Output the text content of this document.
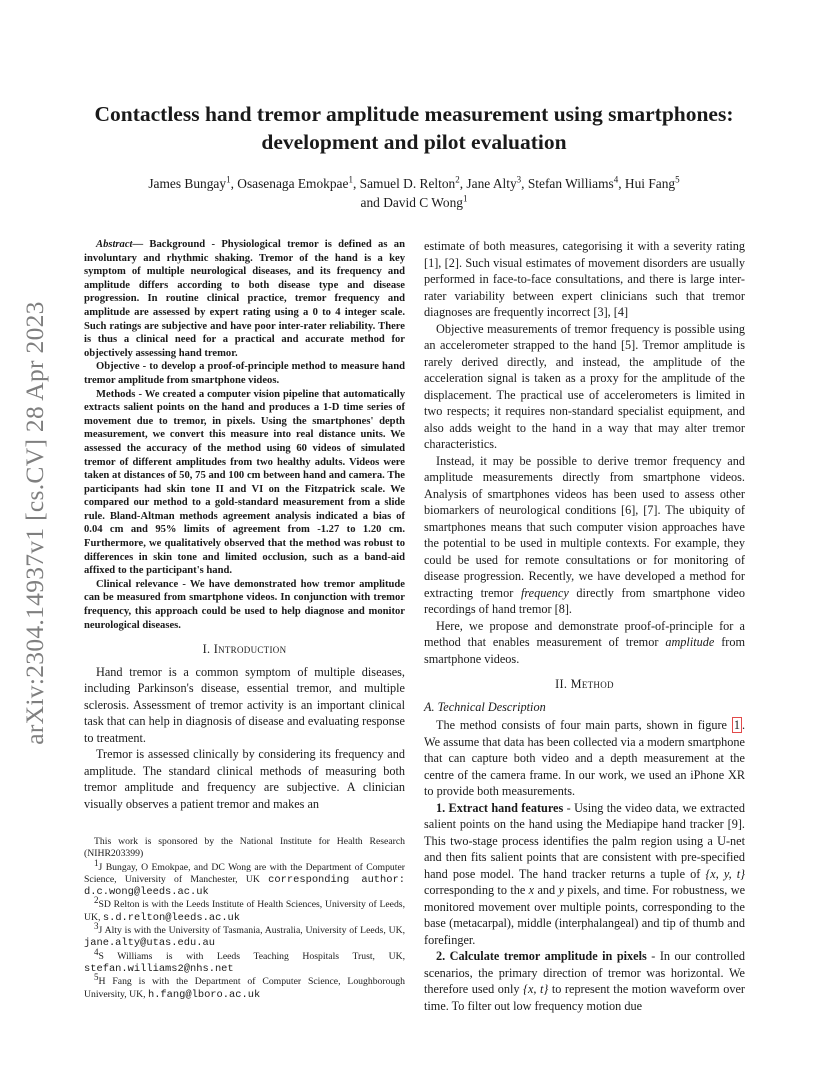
arXiv:2304.14937v1 [cs.CV] 28 Apr 2023
Contactless hand tremor amplitude measurement using smartphones:
development and pilot evaluation
James Bungay$^1$, Osasenaga Emokpae$^1$, Samuel D. Relton$^2$, Jane Alty$^3$, Stefan Williams$^4$, Hui Fang$^5$
and David C Wong$^1$

Abstract— Background - Physiological tremor is defined as an involuntary and rhythmic shaking. Tremor of the hand is a key symptom of multiple neurological diseases, and its frequency and amplitude differs according to both disease type and disease progression. In routine clinical practice, tremor frequency and amplitude are assessed by expert rating using a 0 to 4 integer scale. Such ratings are subjective and have poor inter-rater reliability. There is thus a clinical need for a practical and accurate method for objectively assessing hand tremor.

Objective - to develop a proof-of-principle method to measure hand tremor amplitude from smartphone videos.

Methods - We created a computer vision pipeline that automatically extracts salient points on the hand and produces a 1-D time series of movement due to tremor, in pixels. Using the smartphones' depth measurement, we convert this measure into real distance units. We assessed the accuracy of the method using 60 videos of simulated tremor of different amplitudes from two healthy adults. Videos were taken at distances of 50, 75 and 100 cm between hand and camera. The participants had skin tone II and VI on the Fitzpatrick scale. We compared our method to a gold-standard measurement from a slide rule. Bland-Altman methods agreement analysis indicated a bias of 0.04 cm and 95% limits of agreement from -1.27 to 1.20 cm. Furthermore, we qualitatively observed that the method was robust to differences in skin tone and limited occlusion, such as a band-aid affixed to the participant's hand.

Clinical relevance - We have demonstrated how tremor amplitude can be measured from smartphone videos. In conjunction with tremor frequency, this approach could be used to help diagnose and monitor neurological diseases.

I. Introduction

Hand tremor is a common symptom of multiple diseases, including Parkinson's disease, essential tremor, and multiple sclerosis. Assessment of tremor activity is an important clinical task that can help in diagnosis of disease and evaluating response to treatment.

Tremor is assessed clinically by considering its frequency and amplitude. The standard clinical methods of measuring both tremor amplitude and frequency are subjective. A clinician visually observes a patient tremor and makes an

This work is sponsored by the National Institute for Health Research (NIHR203399)

$^1$J Bungay, O Emokpae, and DC Wong are with the Department of Computer Science, University of Manchester, UK corresponding author: d.c.wong@leeds.ac.uk

$^2$SD Relton is with the Leeds Institute of Health Sciences, University of Leeds, UK, s.d.relton@leeds.ac.uk

$^3$J Alty is with the University of Tasmania, Australia, University of Leeds, UK, jane.alty@utas.edu.au

$^4$S Williams is with Leeds Teaching Hospitals Trust, UK, stefan.williams2@nhs.net

$^5$H Fang is with the Department of Computer Science, Loughborough University, UK, h.fang@lboro.ac.uk

estimate of both measures, categorising it with a severity rating [1], [2]. Such visual estimates of movement disorders are usually performed in face-to-face consultations, and there is large inter-rater variability between expert clinicians such that tremor diagnoses are frequently incorrect [3], [4]

Objective measurements of tremor frequency is possible using an accelerometer strapped to the hand [5]. Tremor amplitude is rarely derived directly, and instead, the amplitude of the acceleration signal is taken as a proxy for the amplitude of the displacement. The practical use of accelerometers is limited in two respects; it requires non-standard specialist equipment, and also adds weight to the hand in a way that may alter tremor characteristics.

Instead, it may be possible to derive tremor frequency and amplitude measurements directly from smartphone videos. Analysis of smartphones videos has been used to assess other biomarkers of neurological conditions [6], [7]. The ubiquity of smartphones means that such computer vision approaches have the potential to be used in multiple contexts. For example, they could be used for remote consultations or for monitoring of disease progression. Recently, we have developed a method for extracting tremor frequency directly from smartphone video recordings of hand tremor [8].

Here, we propose and demonstrate proof-of-principle for a method that enables measurement of tremor amplitude from smartphone videos.

II. Method
A. Technical Description

The method consists of four main parts, shown in figure 1 . We assume that data has been collected via a modern smartphone that can capture both video and a depth measurement at the centre of the camera frame. In our work, we used an iPhone XR to provide both measurements.

1. Extract hand features - Using the video data, we extracted salient points on the hand using the Mediapipe hand tracker [9]. This two-stage process identifies the palm region using a U-net and then fits salient points that are consistent with pre-specified hand pose model. The hand tracker returns a tuple of {x, y, t} corresponding to the x and y pixels, and time. For robustness, we monitored movement over multiple points, corresponding to the base (metacarpal), middle (interphalangeal) and tip of thumb and forefinger.

2. Calculate tremor amplitude in pixels - In our controlled scenarios, the primary direction of tremor was horizontal. We therefore used only {x, t} to represent the motion waveform over time. To filter out low frequency motion due
